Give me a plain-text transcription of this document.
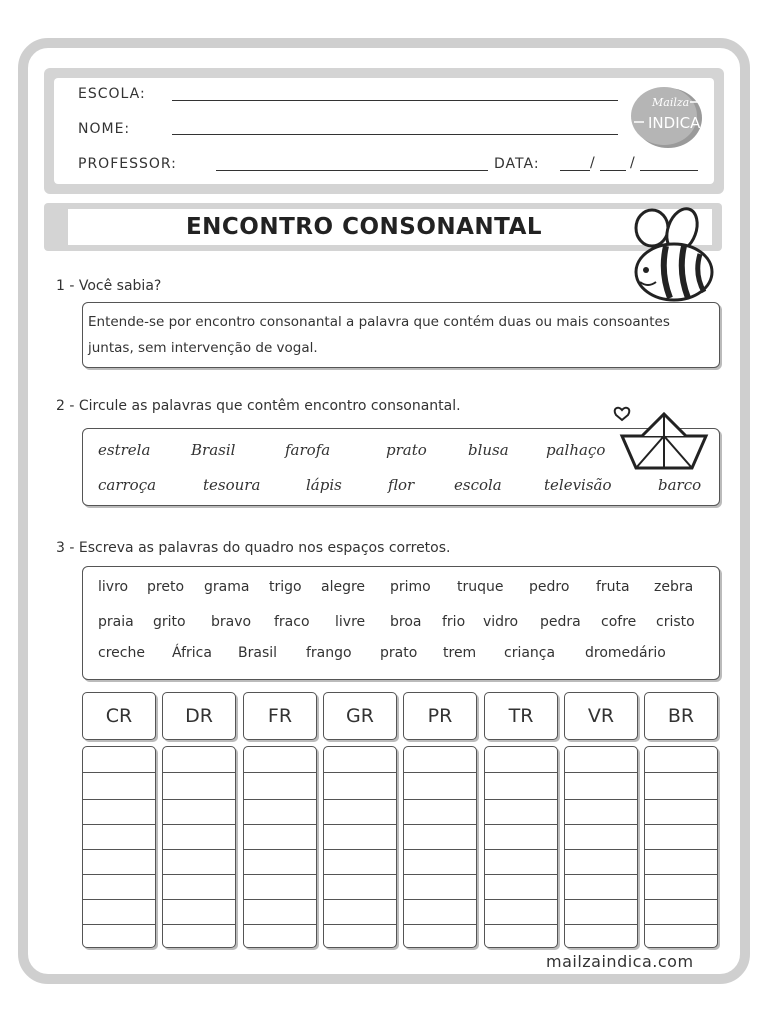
ESCOLA:
NOME:
PROFESSOR:	DATA:	/	/
Mailza
INDICA
ENCONTRO CONSONANTAL
1 - Você sabia?
Entende-se por encontro consonantal a palavra que contém duas ou mais consoantes
juntas, sem intervenção de vogal.
2 - Circule as palavras que contêm encontro consonantal.
estrela	Brasil	farofa	prato	blusa palhaço
carroça	tesoura	lápis	flor	escola	televisão	barco
3 - Escreva as palavras do quadro nos espaços corretos.
livro preto grama trigo alegre primo truque pedro fruta zebra
praia grito bravo fraco livre broa frio vidro pedra cofre cristo
creche África Brasil frango prato trem criança dromedário
CR	DR	FR	GR	PR	TR	VR	BR
mailzaindica.com
